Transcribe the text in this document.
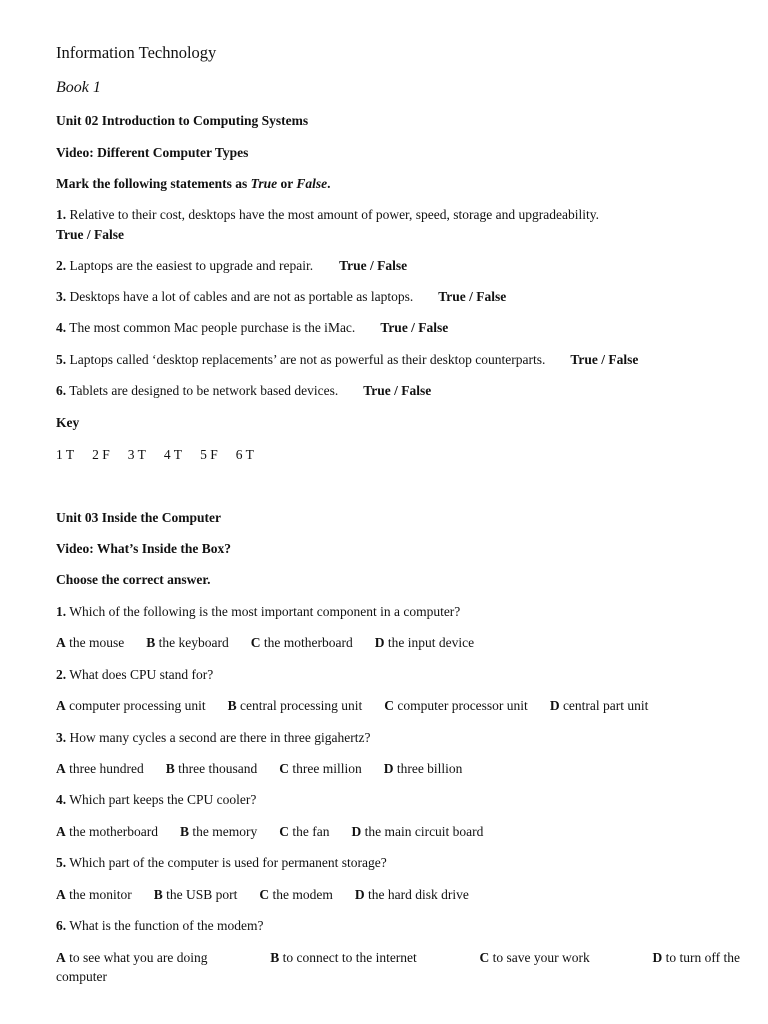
Information Technology
Book 1
Unit 02 Introduction to Computing Systems
Video: Different Computer Types
Mark the following statements as True or False.
1. Relative to their cost, desktops have the most amount of power, speed, storage and upgradeability.
True / False
2. Laptops are the easiest to upgrade and repair. True / False
3. Desktops have a lot of cables and are not as portable as laptops. True / False
4. The most common Mac people purchase is the iMac. True / False
5. Laptops called ‘desktop replacements’ are not as powerful as their desktop counterparts. True / False
6. Tablets are designed to be network based devices. True / False
Key
1 T 2 F 3 T 4 T 5 F 6 T
Unit 03 Inside the Computer
Video: What’s Inside the Box?
Choose the correct answer.
1. Which of the following is the most important component in a computer?
A the mouse B the keyboard C the motherboard D the input device
2. What does CPU stand for?
A computer processing unit B central processing unit C computer processor unit D central part unit
3. How many cycles a second are there in three gigahertz?
A three hundred B three thousand C three million D three billion
4. Which part keeps the CPU cooler?
A the motherboard B the memory C the fan D the main circuit board
5. Which part of the computer is used for permanent storage?
A the monitor B the USB port C the modem D the hard disk drive
6. What is the function of the modem?
A to see what you are doing	B to connect to the internet	C to save your work	D to turn off the
computer
